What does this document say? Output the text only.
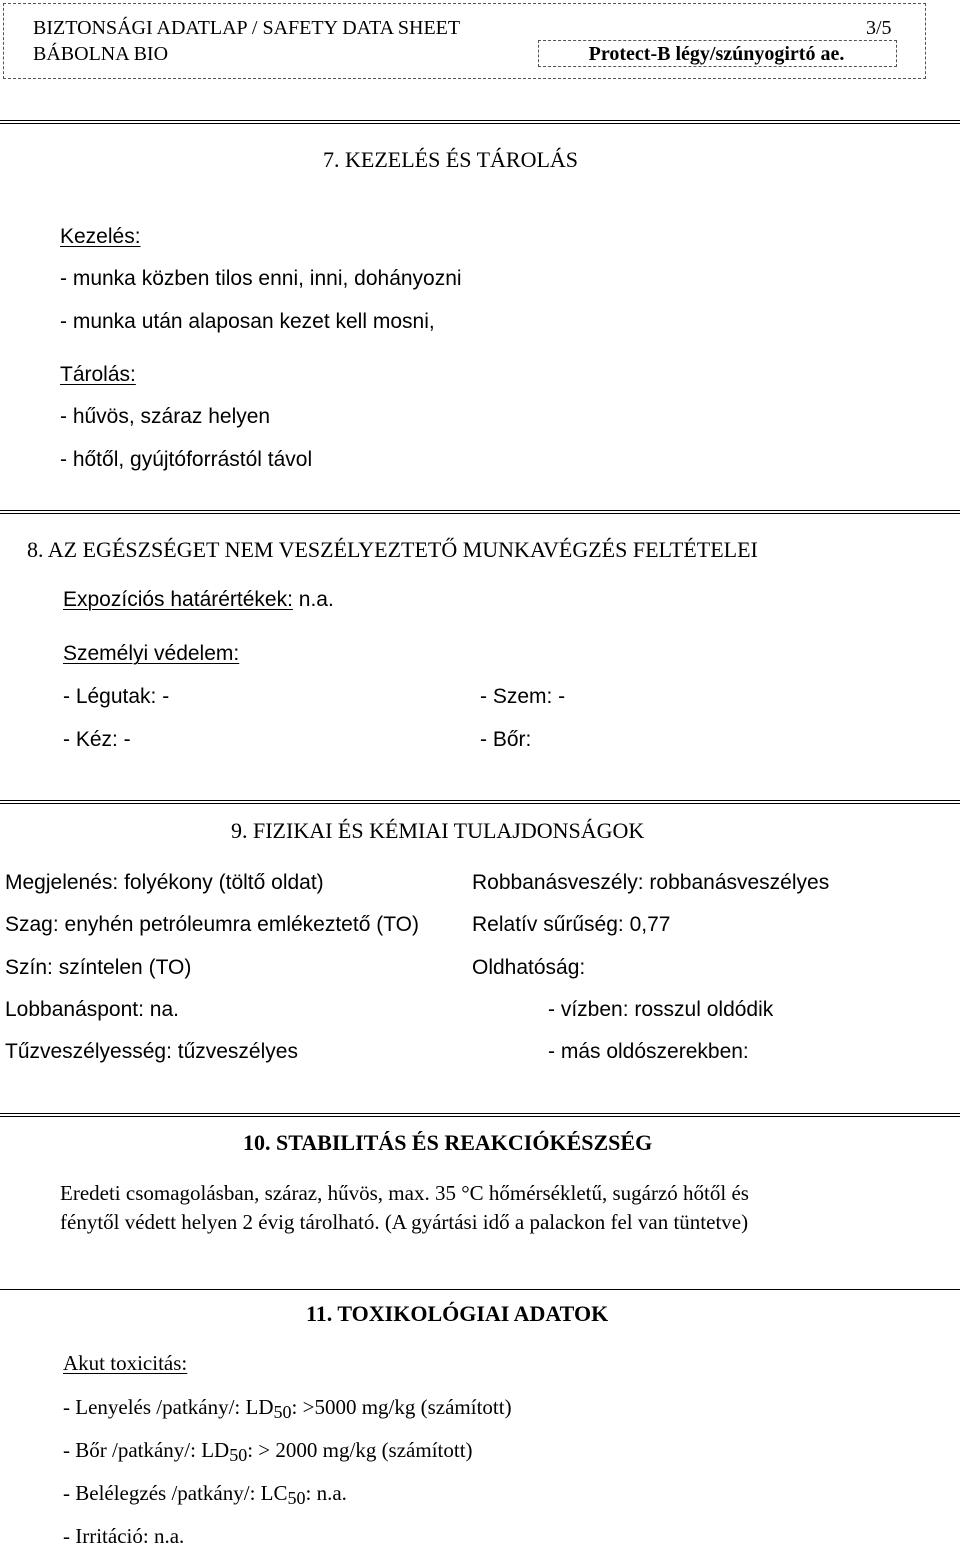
BIZTONSÁGI ADATLAP / SAFETY DATA SHEET	3/5
BÁBOLNA BIO	Protect-B légy/szúnyogirtó ae.
7. KEZELÉS ÉS TÁROLÁS
Kezelés:
- munka közben tilos enni, inni, dohányozni
- munka után alaposan kezet kell mosni,
Tárolás:
- hűvös, száraz helyen
- hőtől, gyújtóforrástól távol
8. AZ EGÉSZSÉGET NEM VESZÉLYEZTETŐ MUNKAVÉGZÉS FELTÉTELEI
Expozíciós határértékek: n.a.
Személyi védelem:
- Légutak: -	- Szem: -
- Kéz: -	- Bőr:
9. FIZIKAI ÉS KÉMIAI TULAJDONSÁGOK
Megjelenés: folyékony (töltő oldat)	Robbanásveszély: robbanásveszélyes
Szag: enyhén petróleumra emlékeztető (TO)	Relatív sűrűség: 0,77
Szín: színtelen (TO)	Oldhatóság:
Lobbanáspont: na.	- vízben: rosszul oldódik
Tűzveszélyesség: tűzveszélyes	- más oldószerekben:
10. STABILITÁS ÉS REAKCIÓKÉSZSÉG
Eredeti csomagolásban, száraz, hűvös, max. 35 °C hőmérsékletű, sugárzó hőtől és
fénytől védett helyen 2 évig tárolható. (A gyártási idő a palackon fel van tüntetve)
11. TOXIKOLÓGIAI ADATOK
Akut toxicitás:
- Lenyelés /patkány/: LD50: >5000 mg/kg (számított)
- Bőr /patkány/: LD50: > 2000 mg/kg (számított)
- Belélegzés /patkány/: LC50: n.a.
- Irritáció: n.a.
